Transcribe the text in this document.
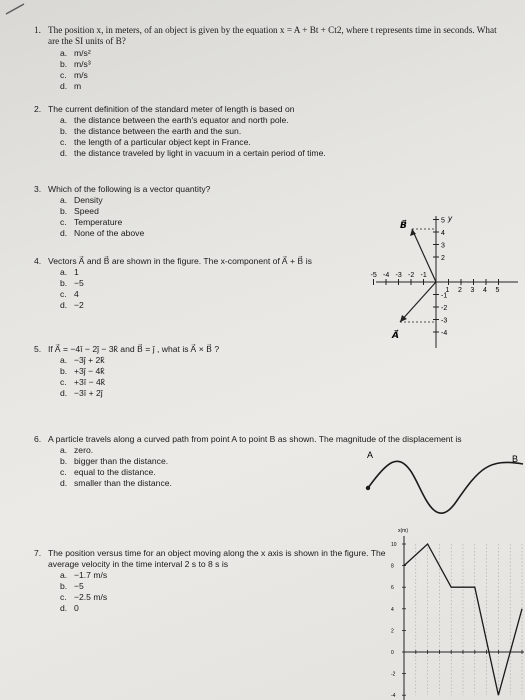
1. The position x, in meters, of an object is given by the equation x = A + Bt + Ct2, where t represents time in seconds. What are the SI units of B?
a. m/s²
b. m/s³
c. m/s
d. m
2. The current definition of the standard meter of length is based on
a. the distance between the earth's equator and north pole.
b. the distance between the earth and the sun.
c. the length of a particular object kept in France.
d. the distance traveled by light in vacuum in a certain period of time.
3. Which of the following is a vector quantity?
a. Density
b. Speed
c. Temperature
d. None of the above
4. Vectors A⃗ and B⃗ are shown in the figure. The x-component of A⃗ + B⃗ is
a. 1
b. −5
c. 4
d. −2
5. If A⃗ = −4î − 2ĵ − 3k̂ and B⃗ = ĵ , what is A⃗ × B⃗ ?
a. −3ĵ + 2k̂
b. +3ĵ − 4k̂
c. +3î − 4k̂
d. −3î + 2ĵ
6. A particle travels along a curved path from point A to point B as shown. The magnitude of the displacement is
a. zero.
b. bigger than the distance.
c. equal to the distance.
d. smaller than the distance.
7. The position versus time for an object moving along the x axis is shown in the figure. The average velocity in the time interval 2 s to 8 s is
a. −1.7 m/s
b. −5
c. −2.5 m/s
d. 0
-5 -4 -3 -2 -1
1 2 3 4 5
5
4
3
2
-1
-2
-3
-4
y
B⃗
A⃗
A	B
x(m)
10
8
6
4
2
0
-2
-4
